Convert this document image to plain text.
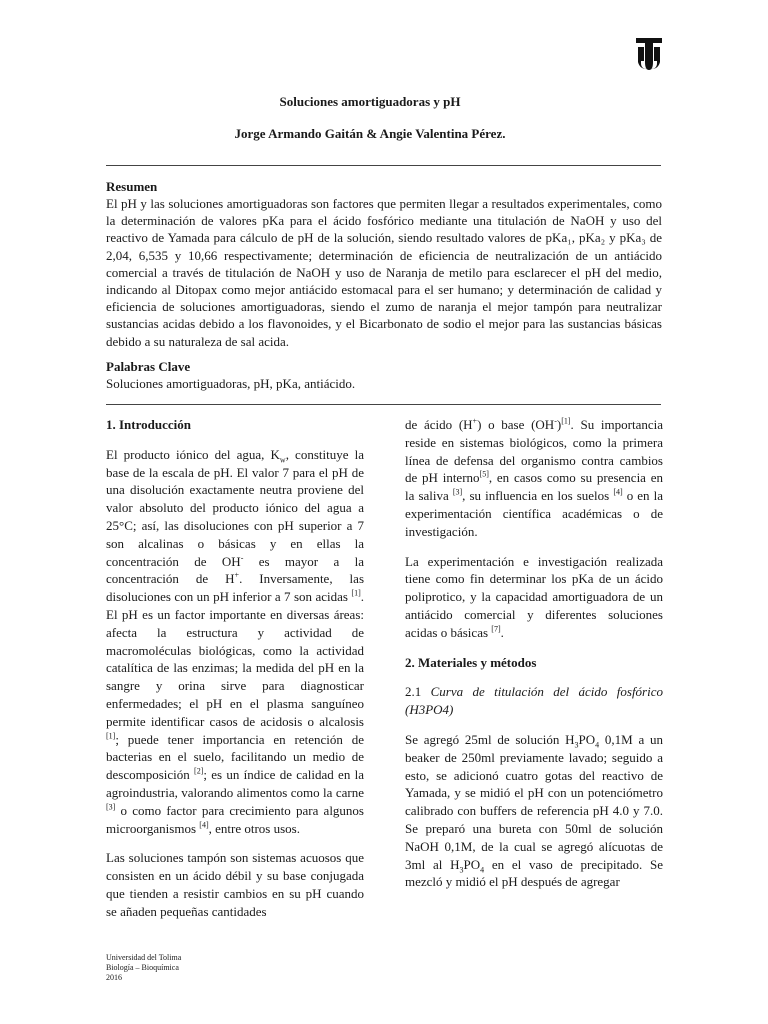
Soluciones amortiguadoras y pH

Jorge Armando Gaitán & Angie Valentina Pérez.

Resumen

El pH y las soluciones amortiguadoras son factores que permiten llegar a resultados experimentales, como la determinación de valores pKa para el ácido fosfórico mediante una titulación de NaOH y uso del reactivo de Yamada para cálculo de pH de la solución, siendo resultado valores de pKa₁, pKa₂ y pKa₃ de 2,04, 6,535 y 10,66 respectivamente; determinación de eficiencia de neutralización de un antiácido comercial a través de titulación de NaOH y uso de Naranja de metilo para esclarecer el pH del medio, indicando al Ditopax como mejor antiácido estomacal para el ser humano; y determinación de calidad y eficiencia de soluciones amortiguadoras, siendo el zumo de naranja el mejor tampón para neutralizar sustancias acidas debido a los flavonoides, y el Bicarbonato de sodio el mejor para las sustancias básicas debido a su naturaleza de sal acida.

Palabras Clave

Soluciones amortiguadoras, pH, pKa, antiácido.

1. Introducción

El producto iónico del agua, $K_w$, constituye la base de la escala de pH. El valor 7 para el pH de una disolución exactamente neutra proviene del valor absoluto del producto iónico del agua a 25°C; así, las disoluciones con pH superior a 7 son alcalinas o básicas y en ellas la concentración de OH- es mayor a la concentración de H+. Inversamente, las disoluciones con un pH inferior a 7 son acidas [1]. El pH es un factor importante en diversas áreas: afecta la estructura y actividad de macromoléculas biológicas, como la actividad catalítica de las enzimas; la medida del pH en la sangre y orina sirve para diagnosticar enfermedades; el pH en el plasma sanguíneo permite identificar casos de acidosis o alcalosis [1]; puede tener importancia en retención de bacterias en el suelo, facilitando un medio de descomposición [2]; es un índice de calidad en la agroindustria, valorando alimentos como la carne [3] o como factor para crecimiento para algunos microorganismos [4], entre otros usos.

Las soluciones tampón son sistemas acuosos que consisten en un ácido débil y su base conjugada que tienden a resistir cambios en su pH cuando se añaden pequeñas cantidades

de ácido (H+) o base (OH-)[1]. Su importancia reside en sistemas biológicos, como la primera línea de defensa del organismo contra cambios de pH interno[5], en casos como su presencia en la saliva [3], su influencia en los suelos [4] o en la experimentación científica académicas o de investigación.

La experimentación e investigación realizada tiene como fin determinar los pKa de un ácido poliprotico, y la capacidad amortiguadora de un antiácido comercial y diferentes soluciones acidas o básicas [7].

2. Materiales y métodos

2.1 Curva de titulación del ácido fosfórico (H3PO4)

Se agregó 25ml de solución $H_3PO_4$ 0,1M a un beaker de 250ml previamente lavado; seguido a esto, se adicionó cuatro gotas del reactivo de Yamada, y se midió el pH con un potenciómetro calibrado con buffers de referencia pH 4.0 y 7.0. Se preparó una bureta con 50ml de solución NaOH 0,1M, de la cual se agregó alícuotas de 3ml al $H_3PO_4$ en el vaso de precipitado. Se mezcló y midió el pH después de agregar

Universidad del Tolima
Biología – Bioquímica
2016
